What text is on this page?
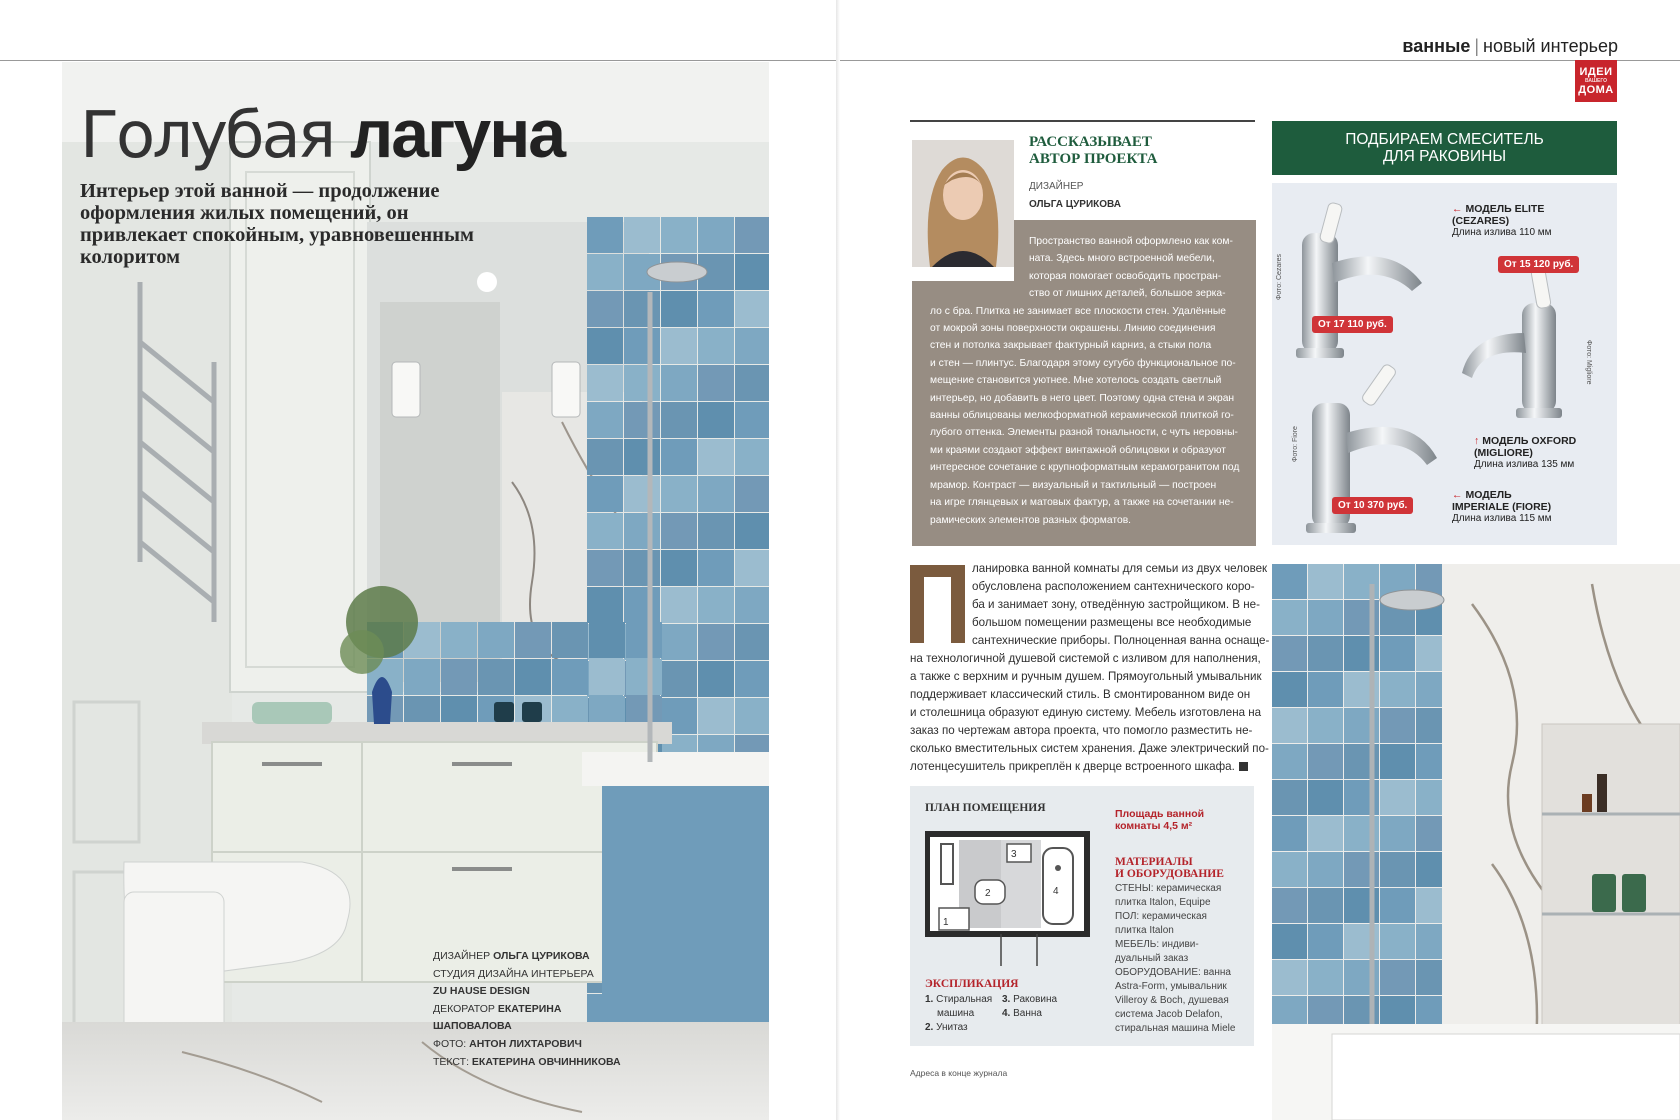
ванные | новый интерьер
ИДЕИ
ВАШЕГО
ДОМА
Голубая лагуна
Интерьер этой ванной — продолжение оформления жилых помещений, он привлекает спокойным, уравновешенным колоритом
ДИЗАЙНЕР ОЛЬГА ЦУРИКОВА
СТУДИЯ ДИЗАЙНА ИНТЕРЬЕРА
ZU HAUSE DESIGN
ДЕКОРАТОР ЕКАТЕРИНА
ШАПОВАЛОВА
ФОТО: АНТОН ЛИХТАРОВИЧ
ТЕКСТ: ЕКАТЕРИНА ОВЧИННИКОВА
РАССКАЗЫВАЕТ
АВТОР ПРОЕКТА
ДИЗАЙНЕР
ОЛЬГА ЦУРИКОВА
Пространство ванной оформлено как ком-
ната. Здесь много встроенной мебели,
которая помогает освободить простран-
ство от лишних деталей, большое зерка-
ло с бра. Плитка не занимает все плоскости стен. Удалённые
от мокрой зоны поверхности окрашены. Линию соединения
стен и потолка закрывает фактурный карниз, а стыки пола
и стен — плинтус. Благодаря этому сугубо функциональное по-
мещение становится уютнее. Мне хотелось создать светлый
интерьер, но добавить в него цвет. Поэтому одна стена и экран
ванны облицованы мелкоформатной керамической плиткой го-
лубого оттенка. Элементы разной тональности, с чуть неровны-
ми краями создают эффект винтажной облицовки и образуют
интересное сочетание с крупноформатным керамогранитом под
мрамор. Контраст — визуальный и тактильный — построен
на игре глянцевых и матовых фактур, а также на сочетании не-
рамических элементов разных форматов.
ланировка ванной комнаты для семьи из двух человек
обусловлена расположением сантехнического коро-
ба и занимает зону, отведённую застройщиком. В не-
большом помещении размещены все необходимые
сантехнические приборы. Полноценная ванна оснаще-
на технологичной душевой системой с изливом для наполнения,
а также с верхним и ручным душем. Прямоугольный умывальник
поддерживает классический стиль. В смонтированном виде он
и столешница образуют единую систему. Мебель изготовлена на
заказ по чертежам автора проекта, что помогло разместить не-
сколько вместительных систем хранения. Даже электрический по-
лотенцесушитель прикреплён к дверце встроенного шкафа.
ПЛАН ПОМЕЩЕНИЯ
1
2
3
4
Площадь ванной комнаты 4,5 м²
МАТЕРИАЛЫ
И ОБОРУДОВАНИЕ
СТЕНЫ: керамическая
плитка Italon, Equipe
ПОЛ: керамическая
плитка Italon
МЕБЕЛЬ: индиви-
дуальный заказ
ОБОРУДОВАНИЕ: ванна
Astra-Form, умывальник
Villeroy & Boch, душевая
система Jacob Delafon,
стиральная машина Miele
ЭКСПЛИКАЦИЯ
1. Стиральная
машина
2. Унитаз
3. Раковина
4. Ванна
Адреса в конце журнала
ПОДБИРАЕМ СМЕСИТЕЛЬ
ДЛЯ РАКОВИНЫ
От 17 110 руб.
От 15 120 руб.
От 10 370 руб.
← МОДЕЛЬ ELITE
(CEZARES)
Длина излива 110 мм
↑ МОДЕЛЬ OXFORD
(MIGLIORE)
Длина излива 135 мм
← МОДЕЛЬ
IMPERIALE (FIORE)
Длина излива 115 мм
Фото: Cezares
Фото: Migliore
Фото: Fiore
